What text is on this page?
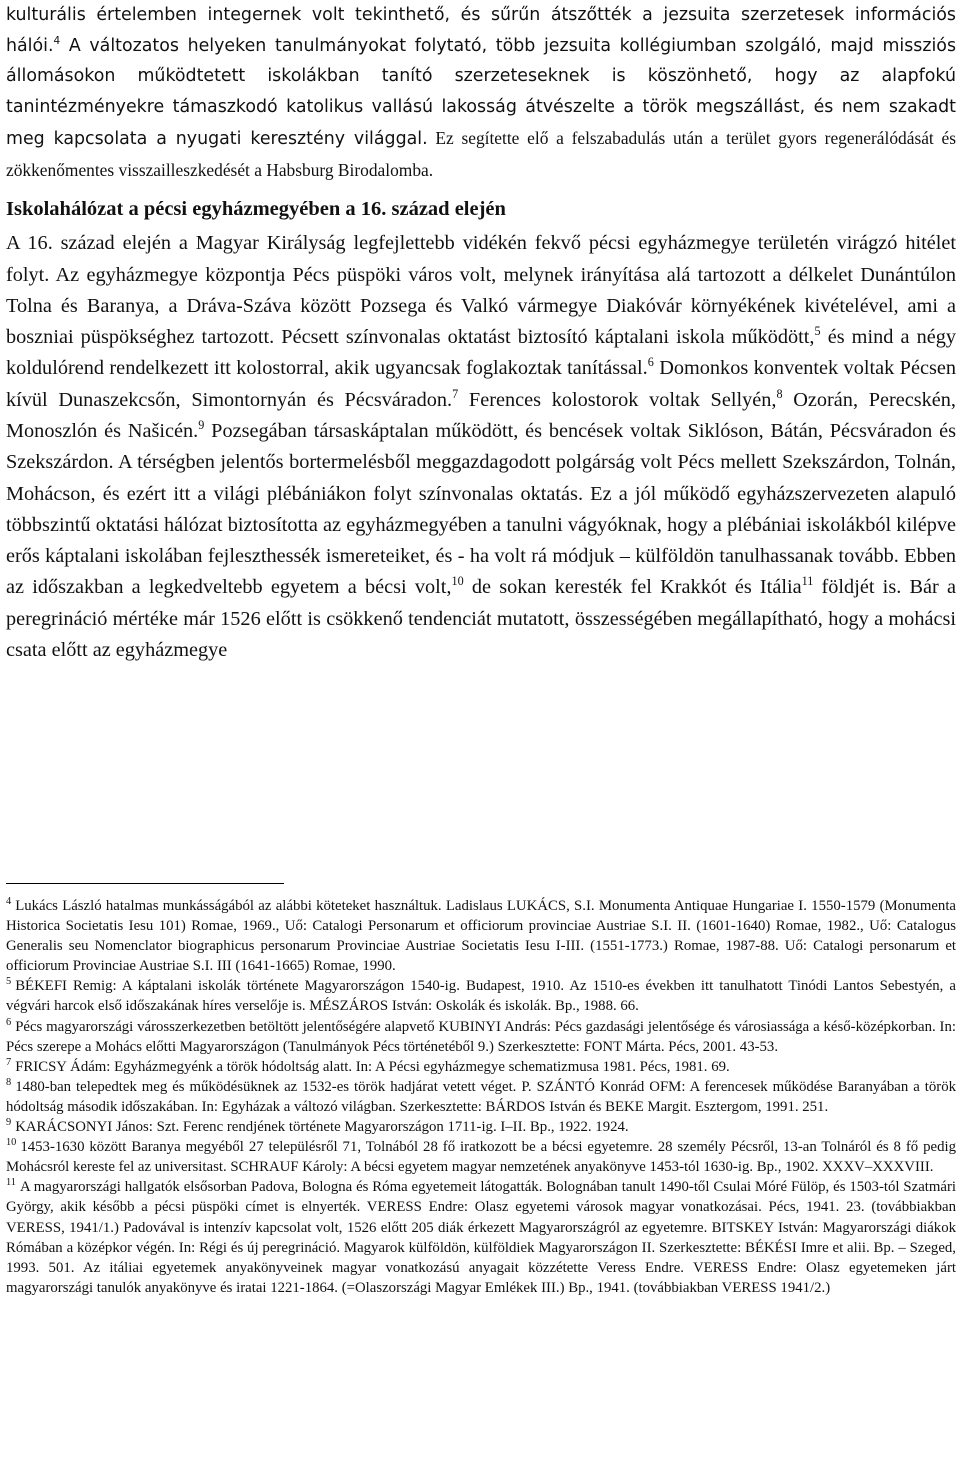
kulturális értelemben integernek volt tekinthető, és sűrűn átszőtték a jezsuita szerzetesek információs hálói.$^4$ A változatos helyeken tanulmányokat folytató, több jezsuita kollégiumban szolgáló, majd missziós állomásokon működtetett iskolákban tanító szerzeteseknek is köszönhető, hogy az alapfokú tanintézményekre támaszkodó katolikus vallású lakosság átvészelte a török megszállást, és nem szakadt meg kapcsolata a nyugati keresztény világgal. Ez segítette elő a felszabadulás után a terület gyors regenerálódását és zökkenőmentes visszailleszkedését a Habsburg Birodalomba.

Iskolahálózat a pécsi egyházmegyében a 16. század elején

A 16. század elején a Magyar Királyság legfejlettebb vidékén fekvő pécsi egyházmegye területén virágzó hitélet folyt. Az egyházmegye központja Pécs püspöki város volt, melynek irányítása alá tartozott a délkelet Dunántúlon Tolna és Baranya, a Dráva-Száva között Pozsega és Valkó vármegye Diakóvár környékének kivételével, ami a boszniai püspökséghez tartozott. Pécsett színvonalas oktatást biztosító káptalani iskola működött,$^5$ és mind a négy koldulórend rendelkezett itt kolostorral, akik ugyancsak foglakoztak tanítással.$^6$ Domonkos konventek voltak Pécsen kívül Dunaszekcsőn, Simontornyán és Pécsváradon.$^7$ Ferences kolostorok voltak Sellyén,$^8$ Ozorán, Perecskén, Monoszlón és Našicén.$^9$ Pozsegában társaskáptalan működött, és bencések voltak Siklóson, Bátán, Pécsváradon és Szekszárdon. A térségben jelentős bortermelésből meggazdagodott polgárság volt Pécs mellett Szekszárdon, Tolnán, Mohácson, és ezért itt a világi plébániákon folyt színvonalas oktatás. Ez a jól működő egyházszervezeten alapuló többszintű oktatási hálózat biztosította az egyházmegyében a tanulni vágyóknak, hogy a plébániai iskolákból kilépve erős káptalani iskolában fejleszthessék ismereteiket, és - ha volt rá módjuk – külföldön tanulhassanak tovább. Ebben az időszakban a legkedveltebb egyetem a bécsi volt,$^{10}$ de sokan keresték fel Krakkót és Itália$^{11}$ földjét is. Bár a peregrináció mértéke már 1526 előtt is csökkenő tendenciát mutatott, összességében megállapítható, hogy a mohácsi csata előtt az egyházmegye

$^4$ Lukács László hatalmas munkásságából az alábbi köteteket használtuk. Ladislaus LUKÁCS, S.I. Monumenta Antiquae Hungariae I. 1550-1579 (Monumenta Historica Societatis Iesu 101) Romae, 1969., Uő: Catalogi Personarum et officiorum provinciae Austriae S.I. II. (1601-1640) Romae, 1982., Uő: Catalogus Generalis seu Nomenclator biographicus personarum Provinciae Austriae Societatis Iesu I-III. (1551-1773.) Romae, 1987-88. Uő: Catalogi personarum et officiorum Provinciae Austriae S.I. III (1641-1665) Romae, 1990.

$^5$ BÉKEFI Remig: A káptalani iskolák története Magyarországon 1540-ig. Budapest, 1910. Az 1510-es években itt tanulhatott Tinódi Lantos Sebestyén, a végvári harcok első időszakának híres verselője is. MÉSZÁROS István: Oskolák és iskolák. Bp., 1988. 66.

$^6$ Pécs magyarországi városszerkezetben betöltött jelentőségére alapvető KUBINYI András: Pécs gazdasági jelentősége és városiassága a késő-középkorban. In: Pécs szerepe a Mohács előtti Magyarországon (Tanulmányok Pécs történetéből 9.) Szerkesztette: FONT Márta. Pécs, 2001. 43-53.

$^7$ FRICSY Ádám: Egyházmegyénk a török hódoltság alatt. In: A Pécsi egyházmegye schematizmusa 1981. Pécs, 1981. 69.

$^8$ 1480-ban telepedtek meg és működésüknek az 1532-es török hadjárat vetett véget. P. SZÁNTÓ Konrád OFM: A ferencesek működése Baranyában a török hódoltság második időszakában. In: Egyházak a változó világban. Szerkesztette: BÁRDOS István és BEKE Margit. Esztergom, 1991. 251.

$^9$ KARÁCSONYI János: Szt. Ferenc rendjének története Magyarországon 1711-ig. I–II. Bp., 1922. 1924.

$^{10}$ 1453-1630 között Baranya megyéből 27 településről 71, Tolnából 28 fő iratkozott be a bécsi egyetemre. 28 személy Pécsről, 13-an Tolnáról és 8 fő pedig Mohácsról kereste fel az universitast. SCHRAUF Károly: A bécsi egyetem magyar nemzetének anyakönyve 1453-tól 1630-ig. Bp., 1902. XXXV–XXXVIII.

$^{11}$ A magyarországi hallgatók elsősorban Padova, Bologna és Róma egyetemeit látogatták. Bolognában tanult 1490-től Csulai Móré Fülöp, és 1503-tól Szatmári György, akik később a pécsi püspöki címet is elnyerték. VERESS Endre: Olasz egyetemi városok magyar vonatkozásai. Pécs, 1941. 23. (továbbiakban VERESS, 1941/1.) Padovával is intenzív kapcsolat volt, 1526 előtt 205 diák érkezett Magyarországról az egyetemre. BITSKEY István: Magyarországi diákok Rómában a középkor végén. In: Régi és új peregrináció. Magyarok külföldön, külföldiek Magyarországon II. Szerkesztette: BÉKÉSI Imre et alii. Bp. – Szeged, 1993. 501. Az itáliai egyetemek anyakönyveinek magyar vonatkozású anyagait közzétette Veress Endre. VERESS Endre: Olasz egyetemeken járt magyarországi tanulók anyakönyve és iratai 1221-1864. (=Olaszországi Magyar Emlékek III.) Bp., 1941. (továbbiakban VERESS 1941/2.)
